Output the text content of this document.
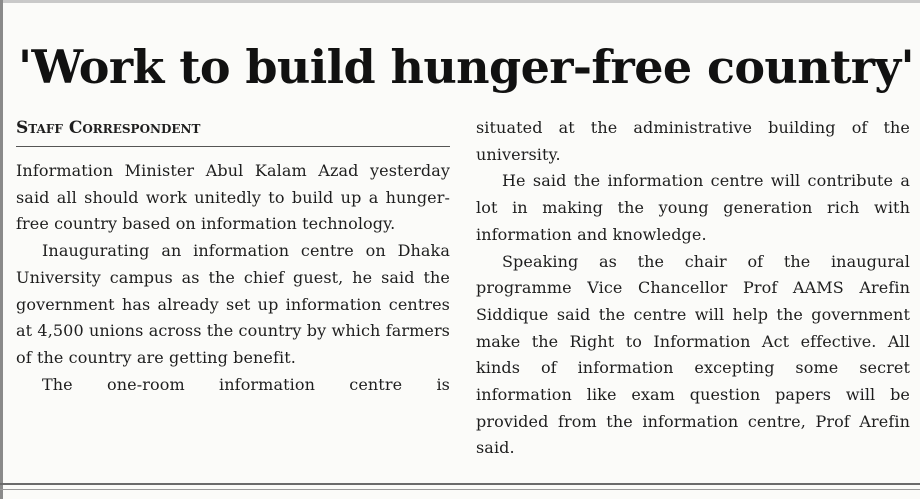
'Work to build hunger-free country'
Staff Correspondent

Information Minister Abul Kalam Azad yesterday said all should work unitedly to build up a hunger-free country based on information technology.

Inaugurating an information centre on Dhaka University campus as the chief guest, he said the government has already set up information centres at 4,500 unions across the country by which farmers of the country are getting benefit.

The one-room information centre is

situated at the administrative building of the university.

He said the information centre will contribute a lot in making the young generation rich with information and knowledge.

Speaking as the chair of the inaugural programme Vice Chancellor Prof AAMS Arefin Siddique said the centre will help the government make the Right to Information Act effective. All kinds of information excepting some secret information like exam question papers will be provided from the information centre, Prof Arefin said.
